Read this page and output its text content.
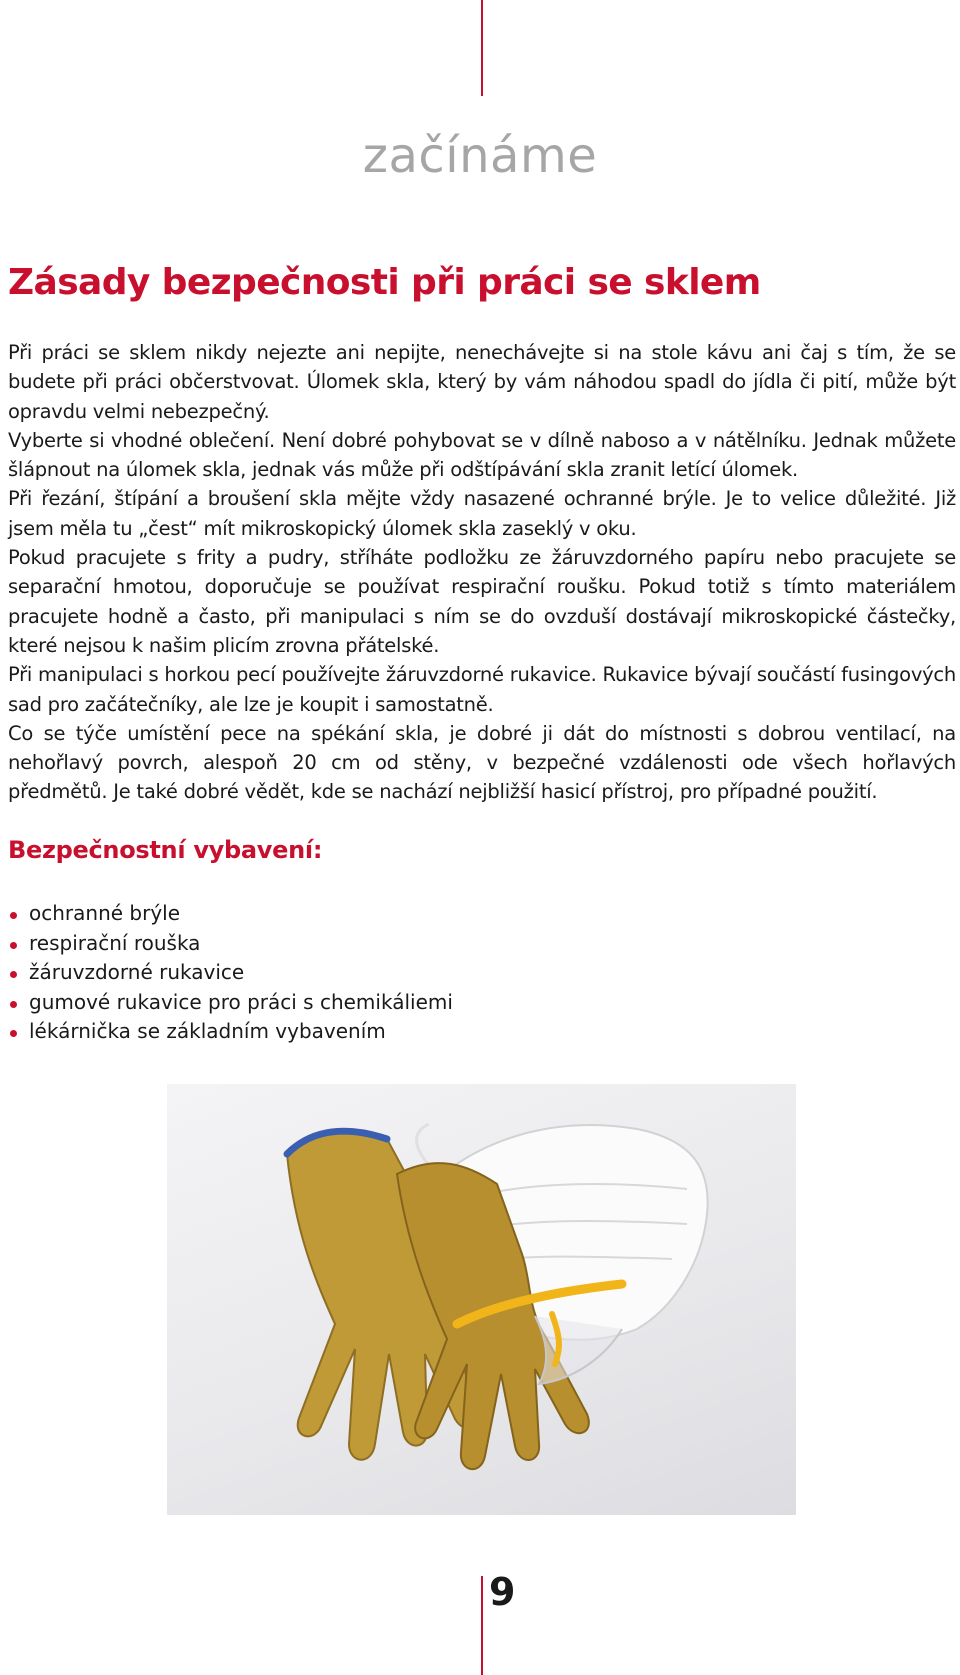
začínáme
Zásady bezpečnosti při práci se sklem

Při práci se sklem nikdy nejezte ani nepijte, nenechávejte si na stole kávu ani čaj s tím, že se budete při práci občerstvovat. Úlomek skla, který by vám náhodou spadl do jídla či pití, může být opravdu velmi nebezpečný.

Vyberte si vhodné oblečení. Není dobré pohybovat se v dílně naboso a v nátělníku. Jednak můžete šlápnout na úlomek skla, jednak vás může při odštípávání skla zranit letící úlomek.

Při řezání, štípání a broušení skla mějte vždy nasazené ochranné brýle. Je to velice důležité. Již jsem měla tu „čest“ mít mikroskopický úlomek skla zaseklý v oku.

Pokud pracujete s frity a pudry, stříháte podložku ze žáruvzdorného papíru nebo pracujete se separační hmotou, doporučuje se používat respirační roušku. Pokud totiž s tímto materiálem pracujete hodně a často, při manipulaci s ním se do ovzduší dostávají mikroskopické částečky, které nejsou k našim plicím zrovna přátelské.

Při manipulaci s horkou pecí používejte žáruvzdorné rukavice. Rukavice bývají součástí fusingových sad pro začátečníky, ale lze je koupit i samostatně.

Co se týče umístění pece na spékání skla, je dobré ji dát do místnosti s dobrou ventilací, na nehořlavý povrch, alespoň 20 cm od stěny, v bezpečné vzdálenosti ode všech hořlavých předmětů. Je také dobré vědět, kde se nachází nejbližší hasicí přístroj, pro případné použití.

Bezpečnostní vybavení:
ochranné brýle
respirační rouška
žáruvzdorné rukavice
gumové rukavice pro práci s chemikáliemi
lékárnička se základním vybavením

9
